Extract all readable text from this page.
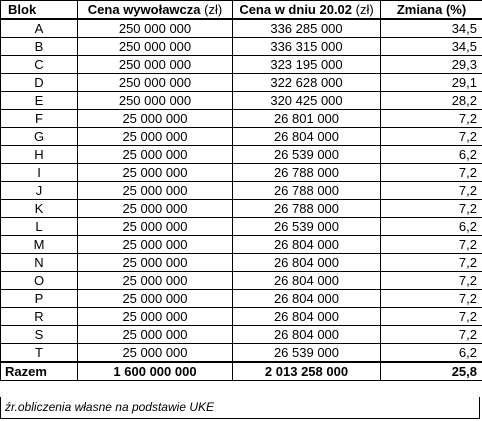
Blok	Cena wywoławcza (zł)	Cena w dniu 20.02 (zł)	Zmiana (%)
A	250 000 000	336 285 000	34,5
B	250 000 000	336 315 000	34,5
C	250 000 000	323 195 000	29,3
D	250 000 000	322 628 000	29,1
E	250 000 000	320 425 000	28,2
F	25 000 000	26 801 000	7,2
G	25 000 000	26 804 000	7,2
H	25 000 000	26 539 000	6,2
I	25 000 000	26 788 000	7,2
J	25 000 000	26 788 000	7,2
K	25 000 000	26 788 000	7,2
L	25 000 000	26 539 000	6,2
M	25 000 000	26 804 000	7,2
N	25 000 000	26 804 000	7,2
O	25 000 000	26 804 000	7,2
P	25 000 000	26 804 000	7,2
R	25 000 000	26 804 000	7,2
S	25 000 000	26 804 000	7,2
T	25 000 000	26 539 000	6,2
Razem	1 600 000 000	2 013 258 000	25,8
źr.obliczenia własne na podstawie UKE
